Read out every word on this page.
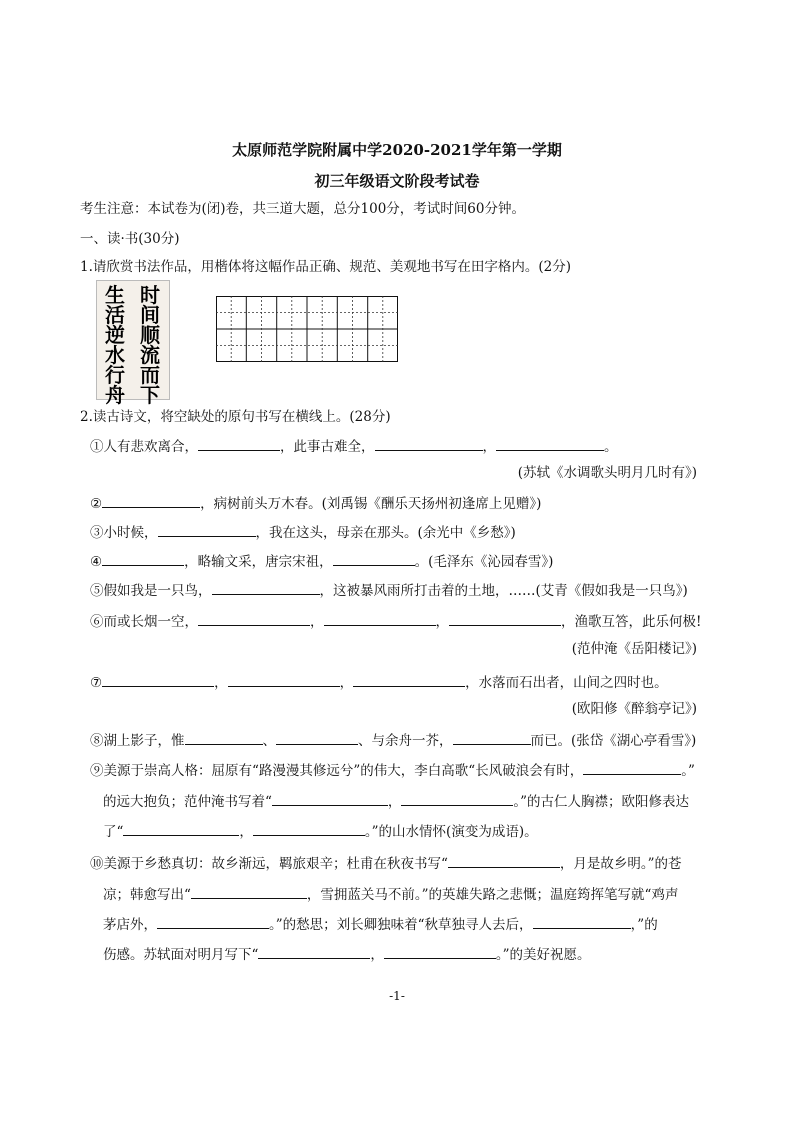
太原师范学院附属中学2020-2021学年第一学期
初三年级语文阶段考试卷
考生注意：本试卷为(闭)卷，共三道大题，总分100分，考试时间60分钟。
一、读·书(30分)
1.请欣赏书法作品，用楷体将这幅作品正确、规范、美观地书写在田字格内。(2分)
生
活
逆
水
行
舟
时
间
顺
流
而
下
2.读古诗文，将空缺处的原句书写在横线上。(28分)
①人有悲欢离合，	，此事古难全，	，	。
(苏轼《水调歌头明月几时有》)
②	，病树前头万木春。(刘禹锡《酬乐天扬州初逢席上见赠》)
③小时候，	，我在这头，母亲在那头。(余光中《乡愁》)
④	，略输文采，唐宗宋祖，	。(毛泽东《沁园春雪》)
⑤假如我是一只鸟，	，这被暴风雨所打击着的土地，……(艾青《假如我是一只鸟》)
⑥而或长烟一空，	，	，	，渔歌互答，此乐何极!
(范仲淹《岳阳楼记》)
⑦	，	，	，水落而石出者，山间之四时也。
(欧阳修《醉翁亭记》)
⑧湖上影子，惟	、	、与余舟一芥，	而已。(张岱《湖心亭看雪》)
⑨美源于崇高人格：屈原有“路漫漫其修远兮”的伟大，李白高歌“长风破浪会有时，	。”
的远大抱负；范仲淹书写着“	，	。”的古仁人胸襟；欧阳修表达
了“	，	。”的山水情怀(演变为成语)。
⑩美源于乡愁真切：故乡渐远，羁旅艰辛；杜甫在秋夜书写“	，月是故乡明。”的苍
凉；韩愈写出“	，雪拥蓝关马不前。”的英雄失路之悲慨；温庭筠挥笔写就“鸡声
茅店外，	。”的愁思；刘长卿独味着“秋草独寻人去后，	，”的
伤感。苏轼面对明月写下“	，	。”的美好祝愿。
-1-
